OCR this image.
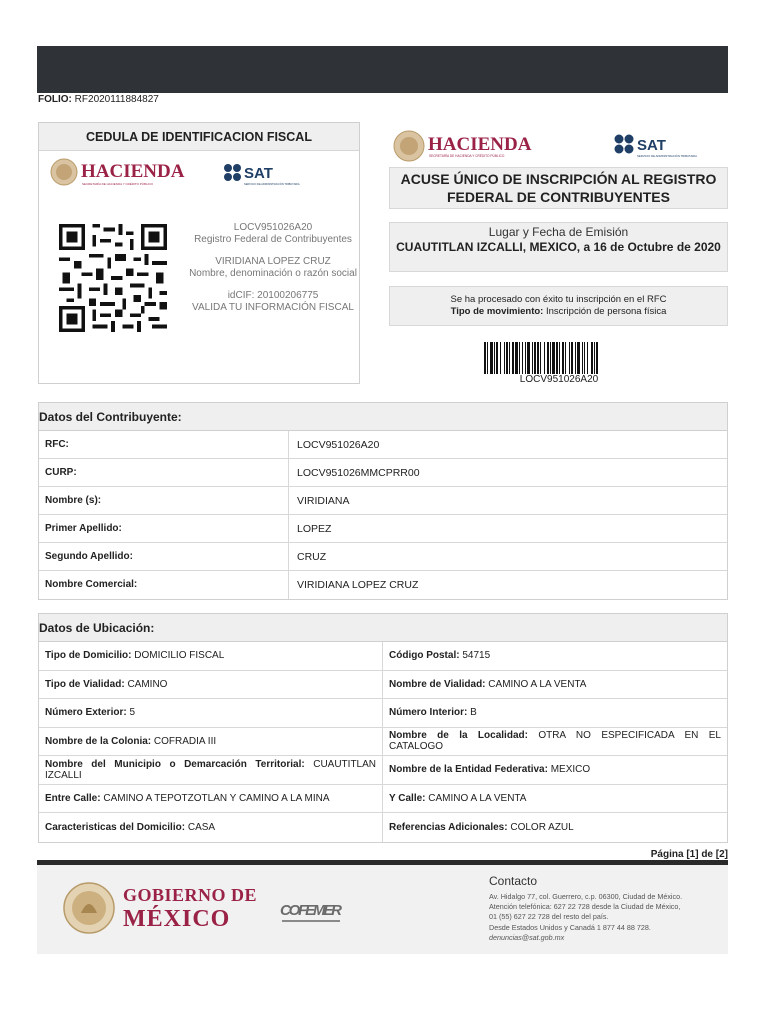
FOLIO: RF2020111884827
CEDULA DE IDENTIFICACION FISCAL
HACIENDA
SECRETARÍA DE HACIENDA Y CRÉDITO PÚBLICO
SAT
SERVICIO DE ADMINISTRACIÓN TRIBUTARIA
LOCV951026A20
Registro Federal de Contribuyentes
VIRIDIANA LOPEZ CRUZ
Nombre, denominación o razón social
idCIF: 20100206775
VALIDA TU INFORMACIÓN FISCAL
HACIENDA
SECRETARÍA DE HACIENDA Y CRÉDITO PÚBLICO
SAT
SERVICIO DE ADMINISTRACIÓN TRIBUTARIA
ACUSE ÚNICO DE INSCRIPCIÓN AL REGISTRO FEDERAL DE CONTRIBUYENTES
Lugar y Fecha de Emisión
CUAUTITLAN IZCALLI, MEXICO, a 16 de Octubre de 2020
Se ha procesado con éxito tu inscripción en el RFC
Tipo de movimiento: Inscripción de persona física
LOCV951026A20
Datos del Contribuyente:
RFC:	LOCV951026A20
CURP:	LOCV951026MMCPRR00
Nombre (s):	VIRIDIANA
Primer Apellido:	LOPEZ
Segundo Apellido:	CRUZ
Nombre Comercial:	VIRIDIANA LOPEZ CRUZ
Datos de Ubicación:
Tipo de Domicilio: DOMICILIO FISCAL	Código Postal: 54715
Tipo de Vialidad: CAMINO	Nombre de Vialidad: CAMINO A LA VENTA
Número Exterior: 5	Número Interior: B
Nombre de la Colonia: COFRADIA III	Nombre de la Localidad: OTRA NO ESPECIFICADA EN EL CATALOGO
Nombre del Municipio o Demarcación Territorial: CUAUTITLAN IZCALLI	Nombre de la Entidad Federativa: MEXICO
Entre Calle: CAMINO A TEPOTZOTLAN Y CAMINO A LA MINA	Y Calle: CAMINO A LA VENTA
Caracteristicas del Domicilio: CASA	Referencias Adicionales: COLOR AZUL
Página [1] de [2]
GOBIERNO DE
MÉXICO	COFEMER
Contacto
Av. Hidalgo 77, col. Guerrero, c.p. 06300, Ciudad de México.
Atención telefónica: 627 22 728 desde la Ciudad de México,
01 (55) 627 22 728 del resto del país.
Desde Estados Unidos y Canadá 1 877 44 88 728.
denuncias@sat.gob.mx
